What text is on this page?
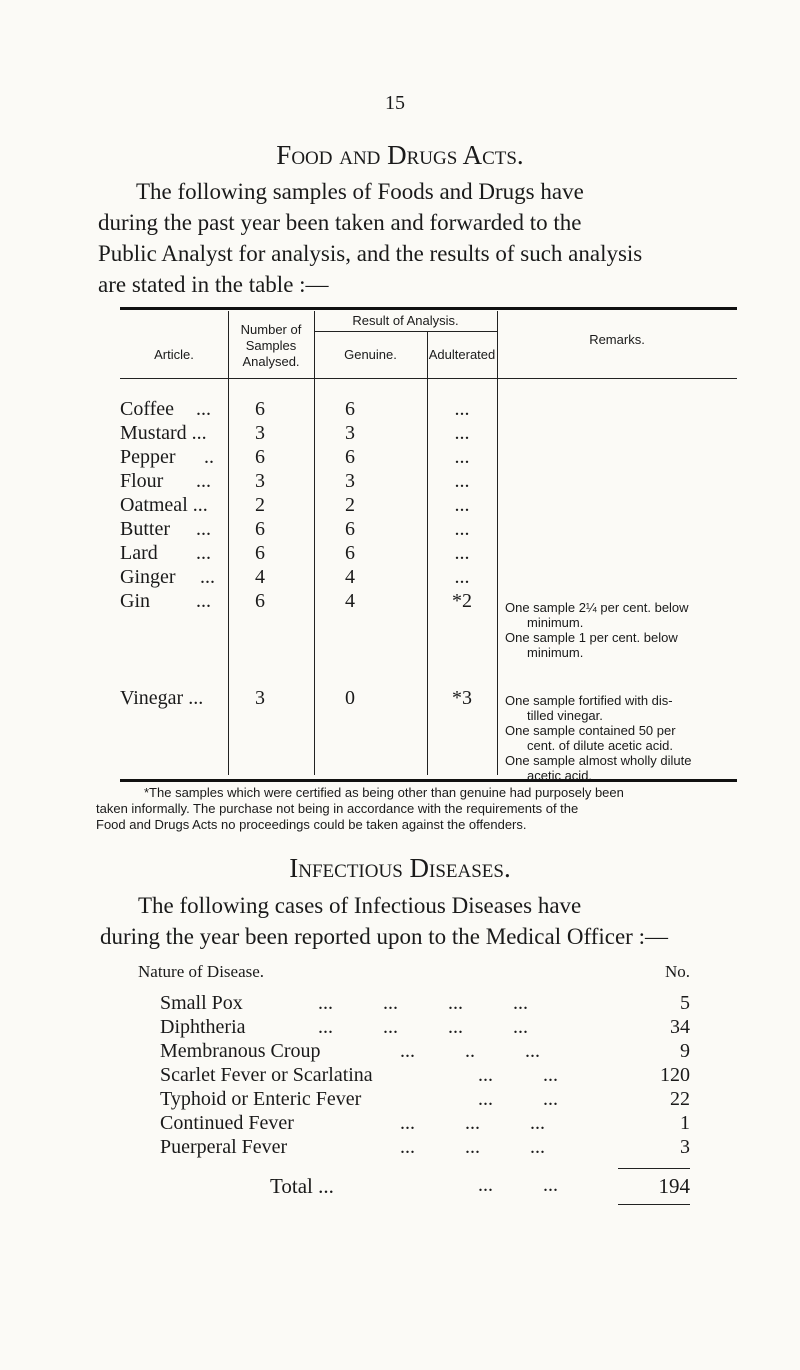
15
Food and Drugs Acts.
The following samples of Foods and Drugs have
during the past year been taken and forwarded to the
Public Analyst for analysis, and the results of such analysis
are stated in the table :—
Article.
Number of
Samples
Analysed.
Result of Analysis.
Genuine.	Adulterated
Remarks.
Coffee ...	6	6	...
Mustard ...	3	3	...
Pepper ..	6	6	...
Flour ...	3	3	...
Oatmeal ...	2	2	...
Butter ...	6	6	...
Lard ...	6	6	...
Ginger ...	4	4	...
Gin ...	6	4	*2	One sample 2¼ per cent. below
minimum.
One sample 1 per cent. below
minimum.
Vinegar ...	3	0	*3	One sample fortified with dis-
tilled vinegar.
One sample contained 50 per
cent. of dilute acetic acid.
One sample almost wholly dilute
acetic acid.
*The samples which were certified as being other than genuine had purposely been
taken informally. The purchase not being in accordance with the requirements of the
Food and Drugs Acts no proceedings could be taken against the offenders.
Infectious Diseases.
The following cases of Infectious Diseases have
during the year been reported upon to the Medical Officer :—
Nature of Disease.	No.
Small Pox	...          ...          ...          ...	5
Diphtheria	...          ...          ...          ...	34
Membranous Croup	...          ..          ...	9
Scarlet Fever or Scarlatina	...          ...	120
Typhoid or Enteric Fever	...          ...	22
Continued Fever	...          ...          ...	1
Puerperal Fever	...          ...          ...	3
Total ...	...          ...	194
